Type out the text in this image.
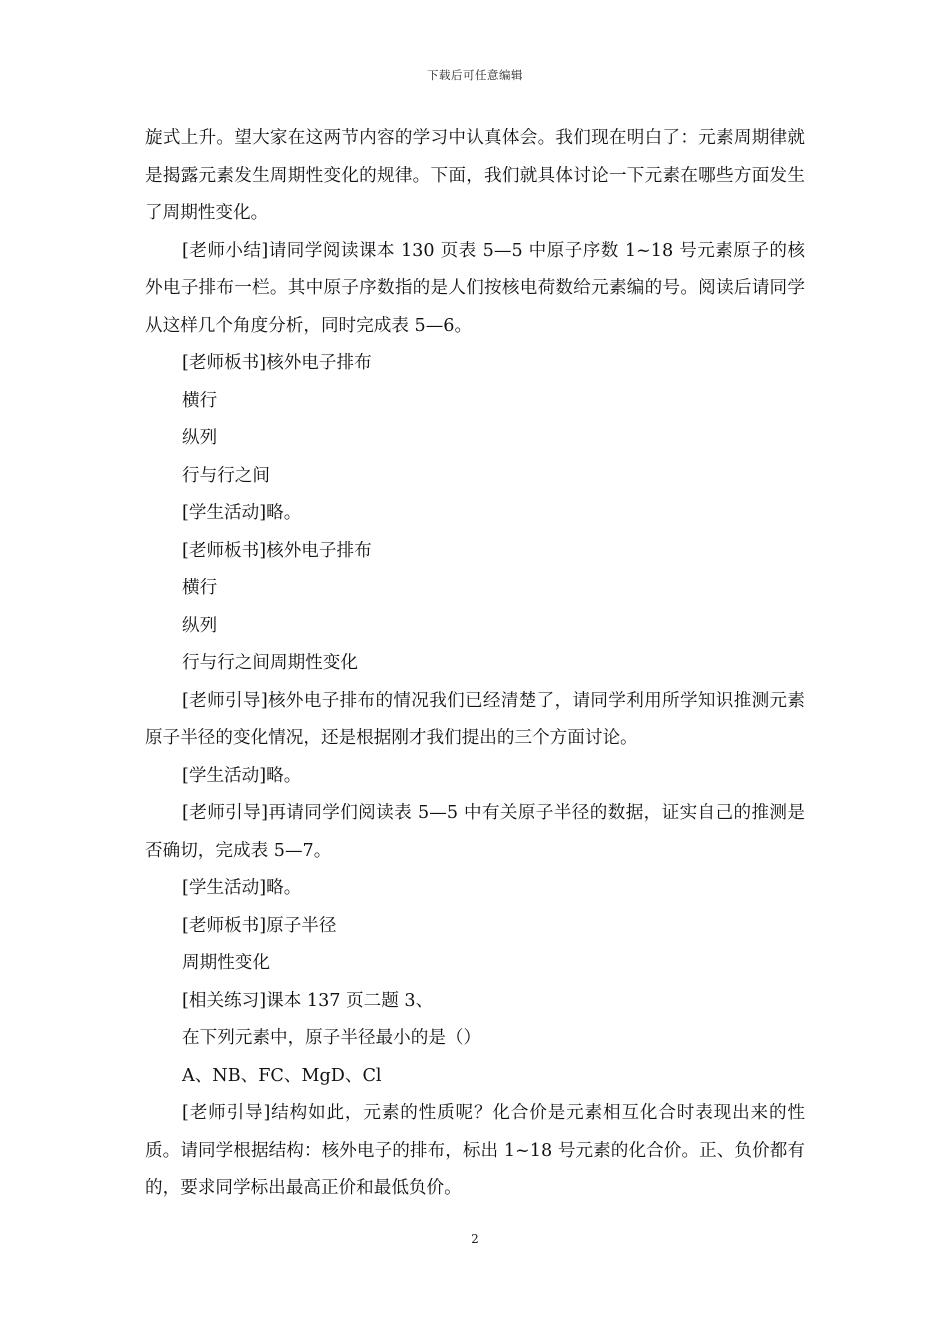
下载后可任意编辑

旋式上升。望大家在这两节内容的学习中认真体会。我们现在明白了：元素周期律就是揭露元素发生周期性变化的规律。下面，我们就具体讨论一下元素在哪些方面发生了周期性变化。

[老师小结]请同学阅读课本 130 页表 5—5 中原子序数 1~18 号元素原子的核外电子排布一栏。其中原子序数指的是人们按核电荷数给元素编的号。阅读后请同学从这样几个角度分析，同时完成表 5—6。

[老师板书]核外电子排布

横行

纵列

行与行之间

[学生活动]略。

[老师板书]核外电子排布

横行

纵列

行与行之间周期性变化

[老师引导]核外电子排布的情况我们已经清楚了，请同学利用所学知识推测元素原子半径的变化情况，还是根据刚才我们提出的三个方面讨论。

[学生活动]略。

[老师引导]再请同学们阅读表 5—5 中有关原子半径的数据，证实自己的推测是否确切，完成表 5—7。

[学生活动]略。

[老师板书]原子半径

周期性变化

[相关练习]课本 137 页二题 3、

在下列元素中，原子半径最小的是（）

A、NB、FC、MgD、Cl

[老师引导]结构如此，元素的性质呢？化合价是元素相互化合时表现出来的性质。请同学根据结构：核外电子的排布，标出 1~18 号元素的化合价。正、负价都有的，要求同学标出最高正价和最低负价。

2
